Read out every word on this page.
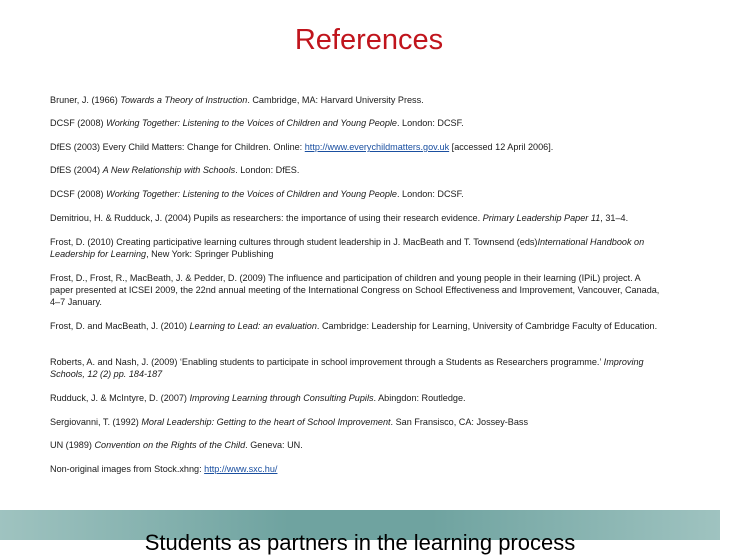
References
Bruner, J. (1966) Towards a Theory of Instruction. Cambridge, MA: Harvard University Press.
DCSF (2008) Working Together: Listening to the Voices of Children and Young People. London: DCSF.
DfES (2003) Every Child Matters: Change for Children. Online: http://www.everychildmatters.gov.uk [accessed 12 April 2006].
DfES (2004) A New Relationship with Schools. London: DfES.
DCSF (2008) Working Together: Listening to the Voices of Children and Young People. London: DCSF.
Demitriou, H. & Rudduck, J. (2004) Pupils as researchers: the importance of using their research evidence. Primary Leadership Paper 11, 31–4.
Frost, D. (2010) Creating participative learning cultures through student leadership in J. MacBeath and T. Townsend (eds)International Handbook on Leadership for Learning, New York: Springer Publishing
Frost, D., Frost, R., MacBeath, J. & Pedder, D. (2009) The influence and participation of children and young people in their learning (IPiL) project. A paper presented at ICSEI 2009, the 22nd annual meeting of the International Congress on School Effectiveness and Improvement, Vancouver, Canada, 4–7 January.
Frost, D. and MacBeath, J. (2010) Learning to Lead: an evaluation. Cambridge: Leadership for Learning, University of Cambridge Faculty of Education.
Roberts, A. and Nash, J. (2009) ‘Enabling students to participate in school improvement through a Students as Researchers programme.’ Improving Schools, 12 (2) pp. 184-187
Rudduck, J. & McIntyre, D. (2007) Improving Learning through Consulting Pupils. Abingdon: Routledge.
Sergiovanni, T. (1992) Moral Leadership: Getting to the heart of School Improvement. San Fransisco, CA: Jossey-Bass
UN (1989) Convention on the Rights of the Child. Geneva: UN.
Non-original images from Stock.xhng: http://www.sxc.hu/
Students as partners in the learning process
